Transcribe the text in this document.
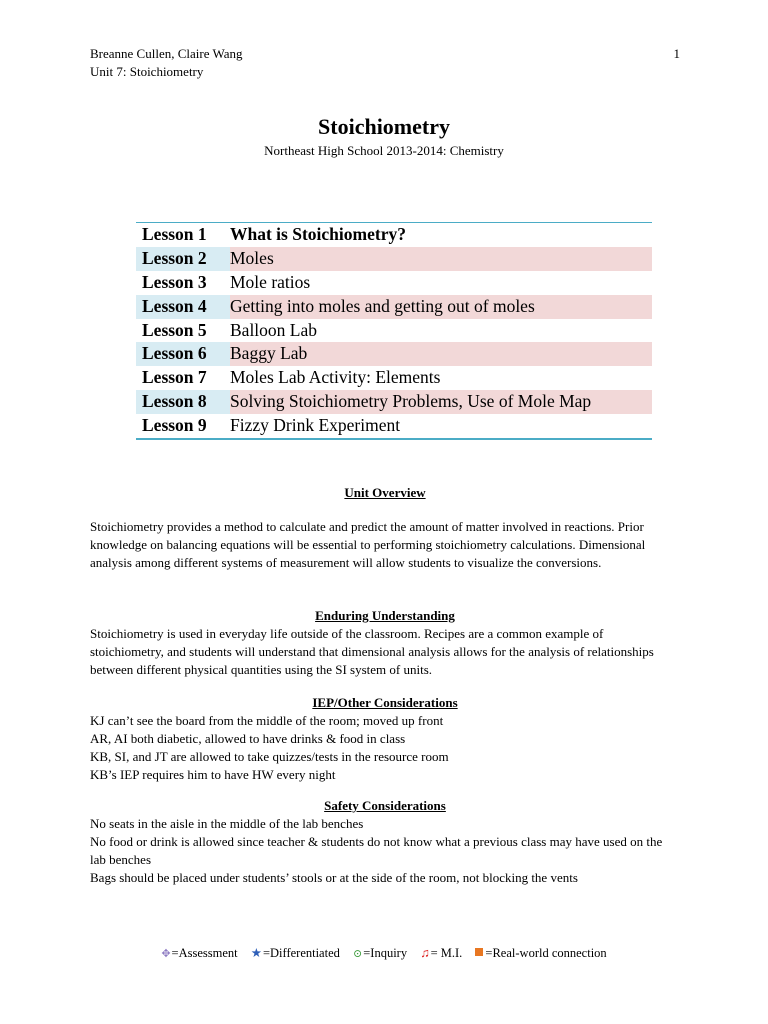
Breanne Cullen, Claire Wang
Unit 7: Stoichiometry
1
Stoichiometry
Northeast High School 2013-2014: Chemistry
Lesson 1	What is Stoichiometry?
Lesson 2	Moles
Lesson 3	Mole ratios
Lesson 4	Getting into moles and getting out of moles
Lesson 5	Balloon Lab
Lesson 6	Baggy Lab
Lesson 7	Moles Lab Activity: Elements
Lesson 8	Solving Stoichiometry Problems, Use of Mole Map
Lesson 9	Fizzy Drink Experiment
Unit Overview
Stoichiometry provides a method to calculate and predict the amount of matter involved in reactions. Prior knowledge on balancing equations will be essential to performing stoichiometry calculations. Dimensional analysis among different systems of measurement will allow students to visualize the conversions.
Enduring Understanding
Stoichiometry is used in everyday life outside of the classroom. Recipes are a common example of stoichiometry, and students will understand that dimensional analysis allows for the analysis of relationships between different physical quantities using the SI system of units.
IEP/Other Considerations
KJ can’t see the board from the middle of the room; moved up front
AR, AI both diabetic, allowed to have drinks & food in class
KB, SI, and JT are allowed to take quizzes/tests in the resource room
KB’s IEP requires him to have HW every night
Safety Considerations
No seats in the aisle in the middle of the lab benches
No food or drink is allowed since teacher & students do not know what a previous class may have used on the lab benches
Bags should be placed under students’ stools or at the side of the room, not blocking the vents
✥=Assessment ★=Differentiated ⊙=Inquiry ♫= M.I. =Real-world connection
